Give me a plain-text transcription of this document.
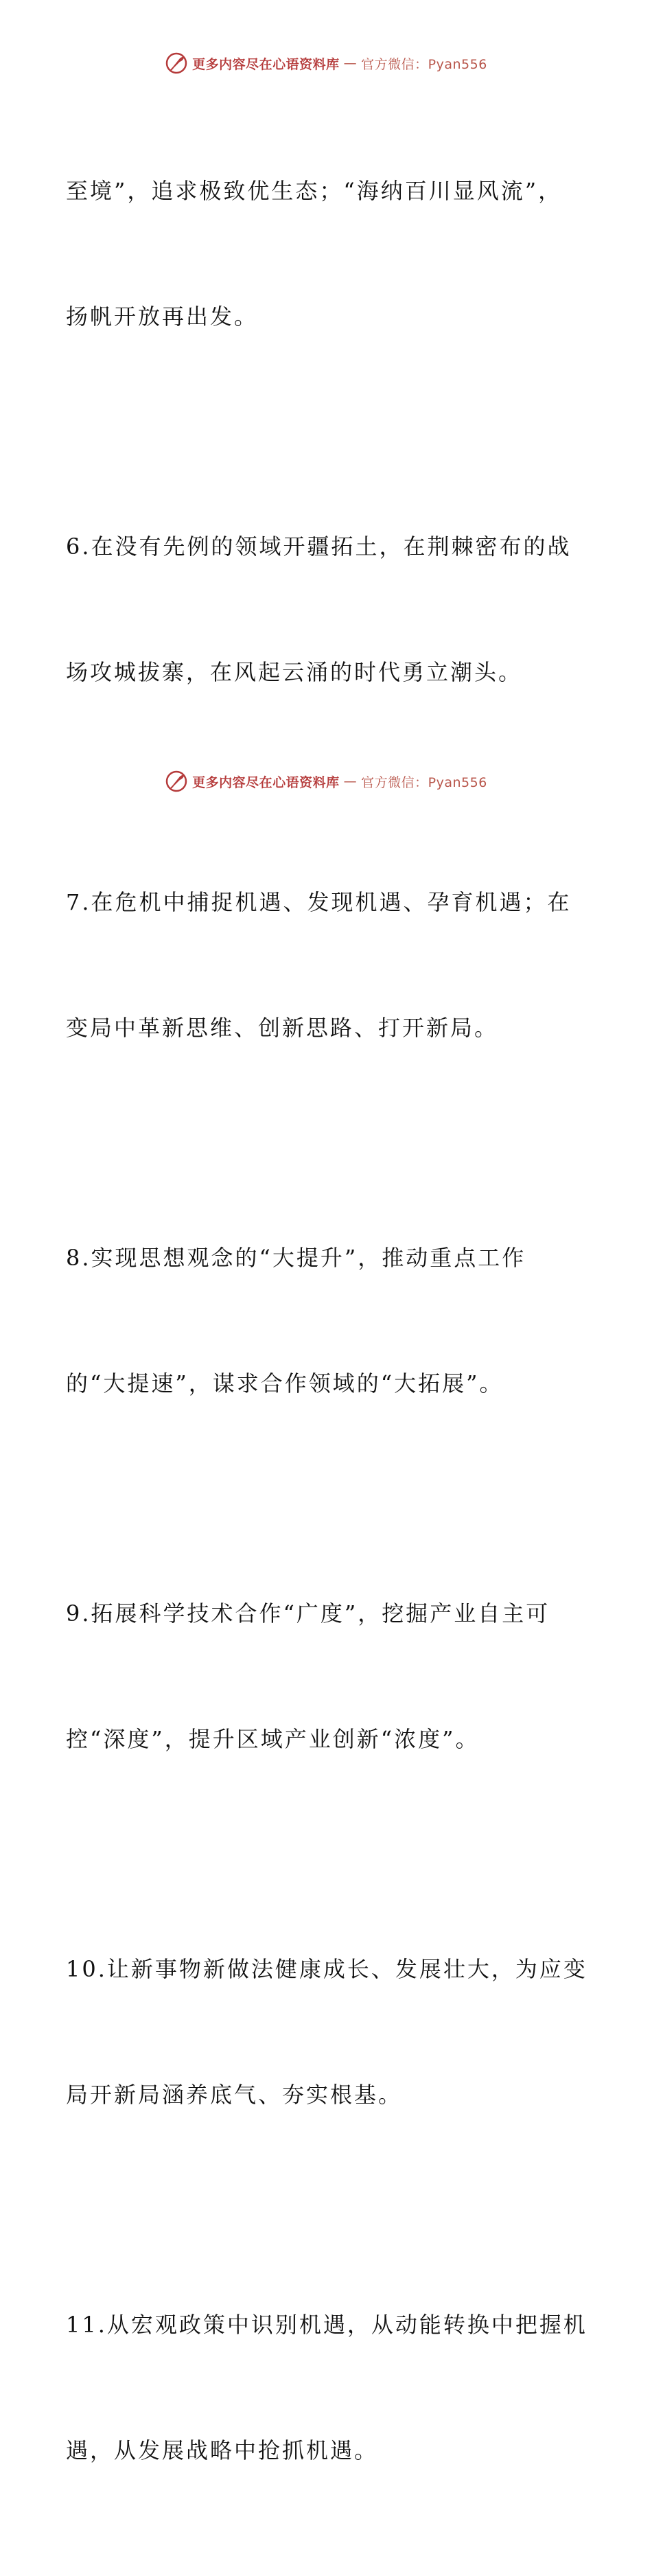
更多内容尽在心语资料库 — 官方微信：Pyan556

至境”，追求极致优生态；“海纳百川显风流”，

扬帆开放再出发。

6.在没有先例的领域开疆拓土，在荆棘密布的战

场攻城拔寨，在风起云涌的时代勇立潮头。

7.在危机中捕捉机遇、发现机遇、孕育机遇；在

变局中革新思维、创新思路、打开新局。

8.实现思想观念的“大提升”，推动重点工作

的“大提速”，谋求合作领域的“大拓展”。

9.拓展科学技术合作“广度”，挖掘产业自主可

控“深度”，提升区域产业创新“浓度”。

10.让新事物新做法健康成长、发展壮大，为应变

局开新局涵养底气、夯实根基。

11.从宏观政策中识别机遇，从动能转换中把握机

遇，从发展战略中抢抓机遇。

更多内容尽在心语资料库 — 官方微信：Pyan556
